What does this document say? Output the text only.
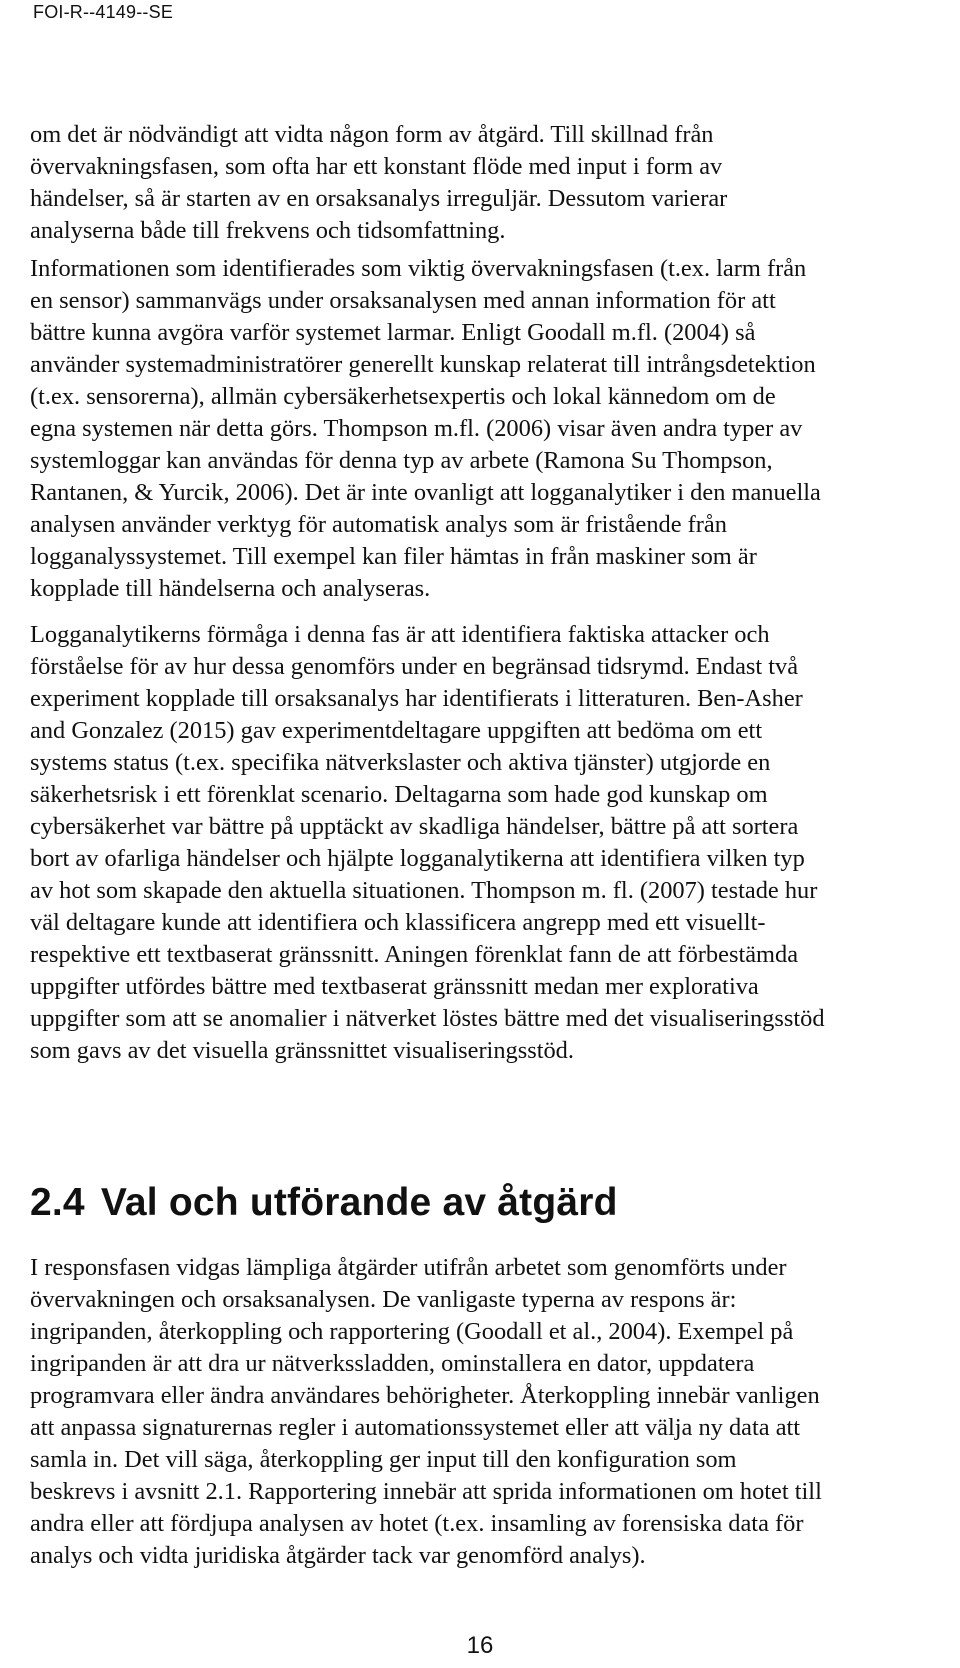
FOI-R--4149--SE

om det är nödvändigt att vidta någon form av åtgärd. Till skillnad från
övervakningsfasen, som ofta har ett konstant flöde med input i form av
händelser, så är starten av en orsaksanalys irreguljär. Dessutom varierar
analyserna både till frekvens och tidsomfattning.

Informationen som identifierades som viktig övervakningsfasen (t.ex. larm från
en sensor) sammanvägs under orsaksanalysen med annan information för att
bättre kunna avgöra varför systemet larmar. Enligt Goodall m.fl. (2004) så
använder systemadministratörer generellt kunskap relaterat till intrångsdetektion
(t.ex. sensorerna), allmän cybersäkerhetsexpertis och lokal kännedom om de
egna systemen när detta görs. Thompson m.fl. (2006) visar även andra typer av
systemloggar kan användas för denna typ av arbete (Ramona Su Thompson,
Rantanen, & Yurcik, 2006). Det är inte ovanligt att logganalytiker i den manuella
analysen använder verktyg för automatisk analys som är fristående från
logganalyssystemet. Till exempel kan filer hämtas in från maskiner som är
kopplade till händelserna och analyseras.

Logganalytikerns förmåga i denna fas är att identifiera faktiska attacker och
förståelse för av hur dessa genomförs under en begränsad tidsrymd. Endast två
experiment kopplade till orsaksanalys har identifierats i litteraturen. Ben-Asher
and Gonzalez (2015) gav experimentdeltagare uppgiften att bedöma om ett
systems status (t.ex. specifika nätverkslaster och aktiva tjänster) utgjorde en
säkerhetsrisk i ett förenklat scenario. Deltagarna som hade god kunskap om
cybersäkerhet var bättre på upptäckt av skadliga händelser, bättre på att sortera
bort av ofarliga händelser och hjälpte logganalytikerna att identifiera vilken typ
av hot som skapade den aktuella situationen. Thompson m. fl. (2007) testade hur
väl deltagare kunde att identifiera och klassificera angrepp med ett visuellt-
respektive ett textbaserat gränssnitt. Aningen förenklat fann de att förbestämda
uppgifter utfördes bättre med textbaserat gränssnitt medan mer explorativa
uppgifter som att se anomalier i nätverket löstes bättre med det visualiseringsstöd
som gavs av det visuella gränssnittet visualiseringsstöd.

2.4 Val och utförande av åtgärd

I responsfasen vidgas lämpliga åtgärder utifrån arbetet som genomförts under
övervakningen och orsaksanalysen. De vanligaste typerna av respons är:
ingripanden, återkoppling och rapportering (Goodall et al., 2004). Exempel på
ingripanden är att dra ur nätverkssladden, ominstallera en dator, uppdatera
programvara eller ändra användares behörigheter. Återkoppling innebär vanligen
att anpassa signaturernas regler i automationssystemet eller att välja ny data att
samla in. Det vill säga, återkoppling ger input till den konfiguration som
beskrevs i avsnitt 2.1. Rapportering innebär att sprida informationen om hotet till
andra eller att fördjupa analysen av hotet (t.ex. insamling av forensiska data för
analys och vidta juridiska åtgärder tack var genomförd analys).

16
